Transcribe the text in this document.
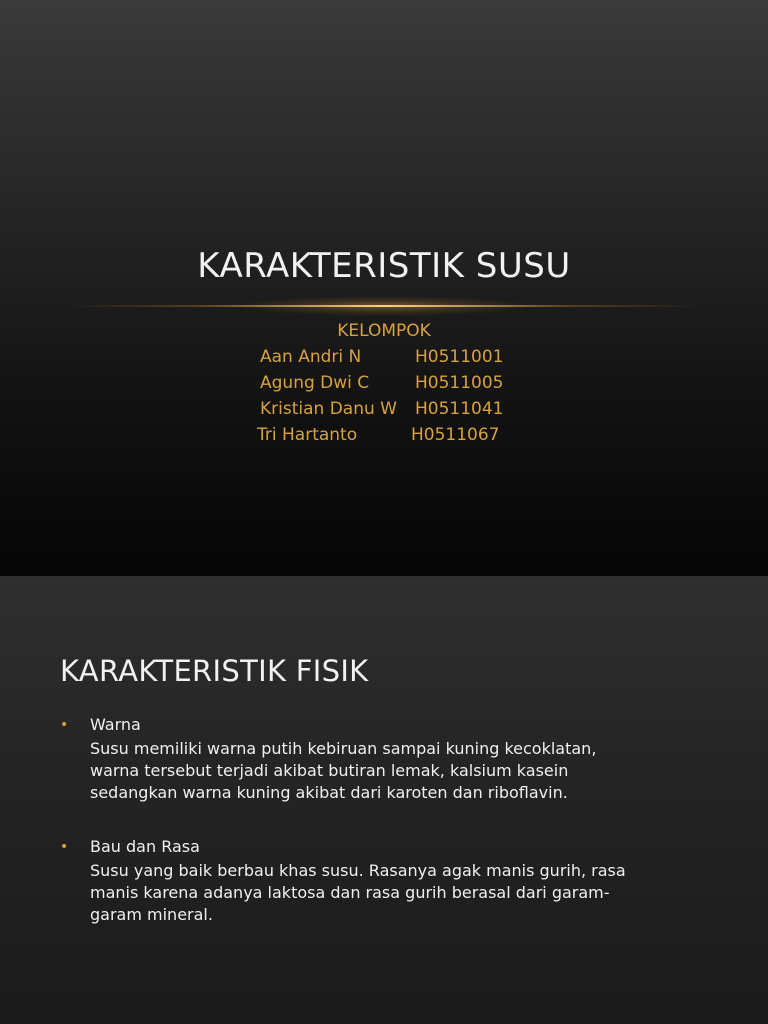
KARAKTERISTIK SUSU
KELOMPOK
Aan Andri N	H0511001
Agung Dwi C	H0511005
Kristian Danu W H0511041
Tri Hartanto	H0511067
KARAKTERISTIK FISIK
• Warna
Susu memiliki warna putih kebiruan sampai kuning kecoklatan,
warna tersebut terjadi akibat butiran lemak, kalsium kasein
sedangkan warna kuning akibat dari karoten dan riboflavin.
• Bau dan Rasa
Susu yang baik berbau khas susu. Rasanya agak manis gurih, rasa
manis karena adanya laktosa dan rasa gurih berasal dari garam-
garam mineral.
